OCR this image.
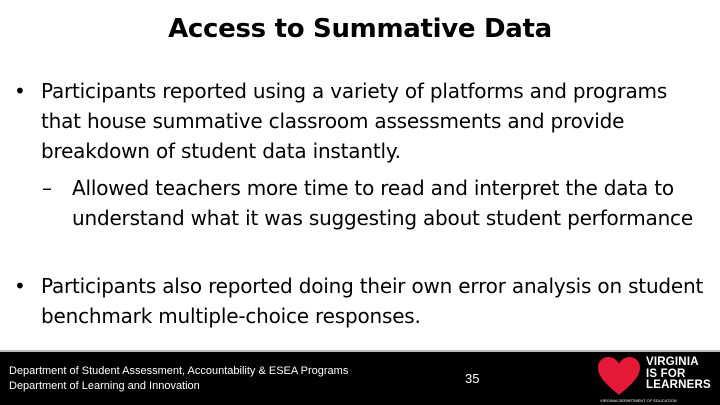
Access to Summative Data
• Participants reported using a variety of platforms and programs that house summative classroom assessments and provide breakdown of student data instantly.
–	Allowed teachers more time to read and interpret the data to understand what it was suggesting about student performance
• Participants also reported doing their own error analysis on student benchmark multiple-choice responses.
Department of Student Assessment, Accountability & ESEA Programs
Department of Learning and Innovation	35
VIRGINIA
IS FOR
LEARNERS
VIRGINIA DEPARTMENT OF EDUCATION
